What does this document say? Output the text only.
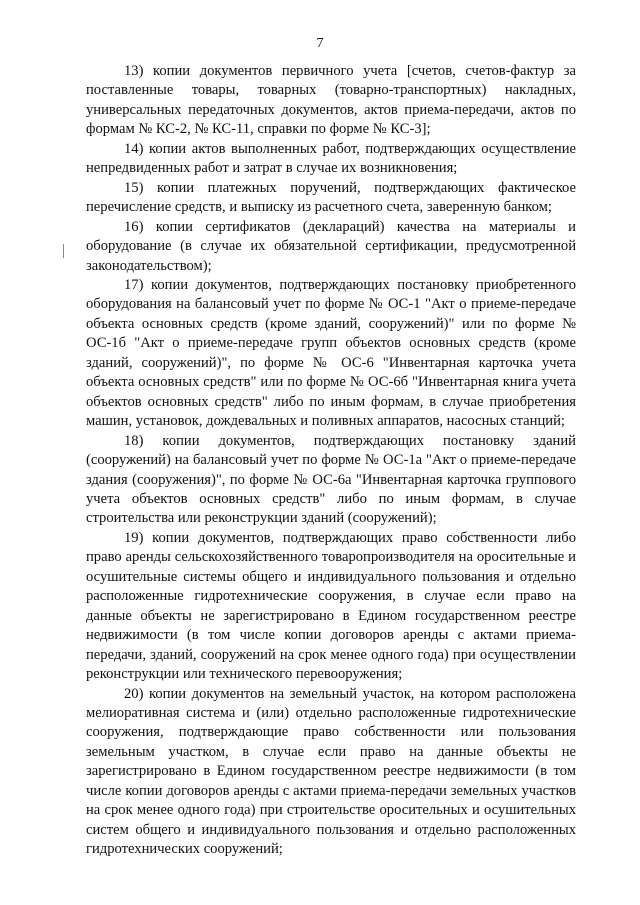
7

13) копии документов первичного учета [счетов, счетов-фактур за поставленные товары, товарных (товарно-транспортных) накладных, универсальных передаточных документов, актов приема-передачи, актов по формам № КС-2, № КС-11, справки по форме № КС-3];

14) копии актов выполненных работ, подтверждающих осуществление непредвиденных работ и затрат в случае их возникновения;

15) копии платежных поручений, подтверждающих фактическое перечисление средств, и выписку из расчетного счета, заверенную банком;

16) копии сертификатов (деклараций) качества на материалы и оборудование (в случае их обязательной сертификации, предусмотренной законодательством);

17) копии документов, подтверждающих постановку приобретенного оборудования на балансовый учет по форме № ОС-1 "Акт о приеме-передаче объекта основных средств (кроме зданий, сооружений)" или по форме № ОС-1б "Акт о приеме-передаче групп объектов основных средств (кроме зданий, сооружений)", по форме № ОС-6 "Инвентарная карточка учета объекта основных средств" или по форме № ОС-6б "Инвентарная книга учета объектов основных средств" либо по иным формам, в случае приобретения машин, установок, дождевальных и поливных аппаратов, насосных станций;

18) копии документов, подтверждающих постановку зданий (сооружений) на балансовый учет по форме № ОС-1а "Акт о приеме-передаче здания (сооружения)", по форме № ОС-6а "Инвентарная карточка группового учета объектов основных средств" либо по иным формам, в случае строительства или реконструкции зданий (сооружений);

19) копии документов, подтверждающих право собственности либо право аренды сельскохозяйственного товаропроизводителя на оросительные и осушительные системы общего и индивидуального пользования и отдельно расположенные гидротехнические сооружения, в случае если право на данные объекты не зарегистрировано в Едином государственном реестре недвижимости (в том числе копии договоров аренды с актами приема-передачи, зданий, сооружений на срок менее одного года) при осуществлении реконструкции или технического перевооружения;

20) копии документов на земельный участок, на котором расположена мелиоративная система и (или) отдельно расположенные гидротехнические сооружения, подтверждающие право собственности или пользования земельным участком, в случае если право на данные объекты не зарегистрировано в Едином государственном реестре недвижимости (в том числе копии договоров аренды с актами приема-передачи земельных участков на срок менее одного года) при строительстве оросительных и осушительных систем общего и индивидуального пользования и отдельно расположенных гидротехнических сооружений;
